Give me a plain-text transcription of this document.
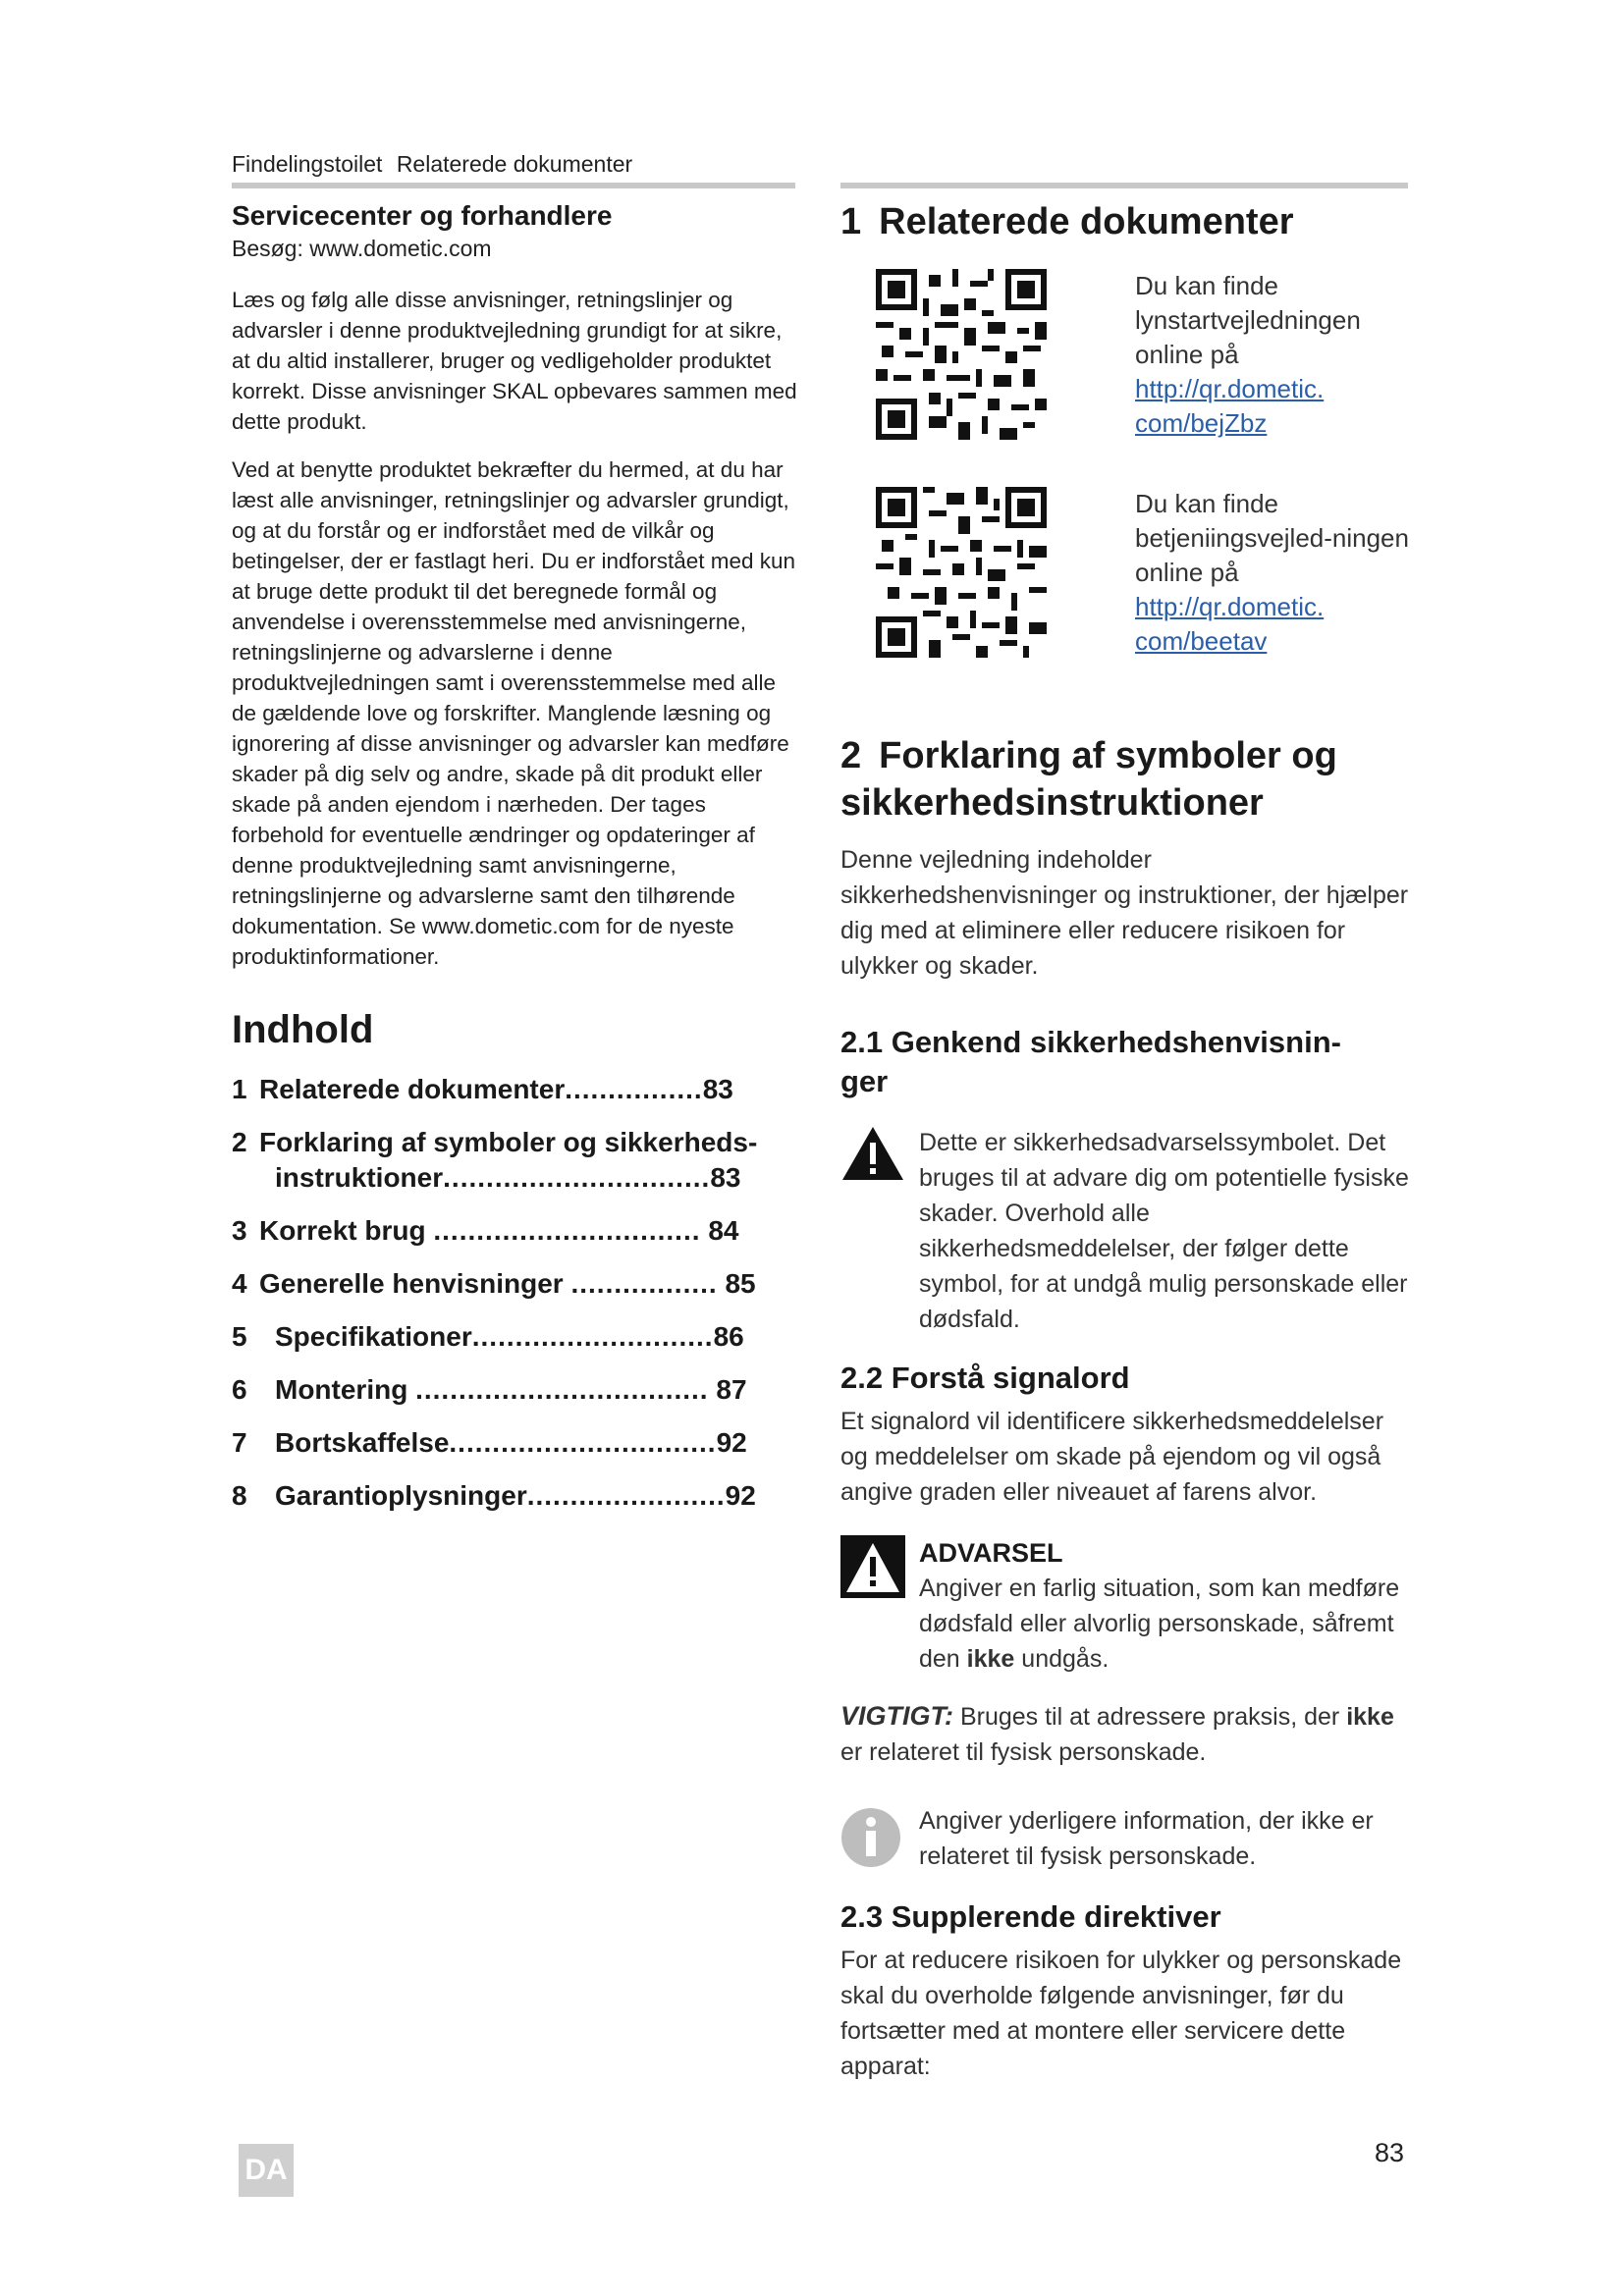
Findelingstoilet Relaterede dokumenter

Servicecenter og forhandlere

Besøg: www.dometic.com

Læs og følg alle disse anvisninger, retningslinjer og advarsler i denne produktvejledning grundigt for at sikre, at du altid installerer, bruger og vedligeholder produktet korrekt. Disse anvisninger SKAL opbevares sammen med dette produkt.

Ved at benytte produktet bekræfter du hermed, at du har læst alle anvisninger, retningslinjer og advarsler grundigt, og at du forstår og er indforstået med de vilkår og betingelser, der er fastlagt heri. Du er indforstået med kun at bruge dette produkt til det beregnede formål og anvendelse i overensstemmelse med anvisningerne, retningslinjerne og advarslerne i denne produktvejledningen samt i overensstemmelse med alle de gældende love og forskrifter. Manglende læsning og ignorering af disse anvisninger og advarsler kan medføre skader på dig selv og andre, skade på dit produkt eller skade på anden ejendom i nærheden. Der tages forbehold for eventuelle ændringer og opdateringer af denne produktvejledning samt anvisningerne, retningslinjerne og advarslerne samt den tilhørende dokumentation. Se www.dometic.com for de nyeste produktinformationer.

Indhold
1 Relaterede dokumenter................83
2 Forklaring af symboler og sikkerheds-
instruktioner...............................83
3 Korrekt brug ............................... 84
4 Generelle henvisninger ................. 85
5	Specifikationer............................86
6	Montering .................................. 87
7	Bortskaffelse...............................92
8	Garantioplysninger.......................92

1 Relaterede dokumenter

Du kan finde lynstartvejledningen online på
http://qr.dometic.
com/bejZbz
Du kan finde betjeniingsvejled-ningen online på
http://qr.dometic.
com/beetav

2 Forklaring af symboler og

sikkerhedsinstruktioner

Denne vejledning indeholder sikkerhedshenvisninger og instruktioner, der hjælper dig med at eliminere eller reducere risikoen for ulykker og skader.

2.1 Genkend sikkerhedshenvisnin-

ger

Dette er sikkerhedsadvarselssymbolet. Det bruges til at advare dig om potentielle fysiske skader. Overhold alle sikkerhedsmeddelelser, der følger dette symbol, for at undgå mulig personskade eller dødsfald.

2.2 Forstå signalord

Et signalord vil identificere sikkerhedsmeddelelser og meddelelser om skade på ejendom og vil også angive graden eller niveauet af farens alvor.

ADVARSEL

Angiver en farlig situation, som kan medføre dødsfald eller alvorlig personskade, såfremt den ikke undgås.

VIGTIGT: Bruges til at adressere praksis, der ikke er relateret til fysisk personskade.

Angiver yderligere information, der ikke er relateret til fysisk personskade.

2.3 Supplerende direktiver

For at reducere risikoen for ulykker og personskade skal du overholde følgende anvisninger, før du fortsætter med at montere eller servicere dette apparat:

DA
83
